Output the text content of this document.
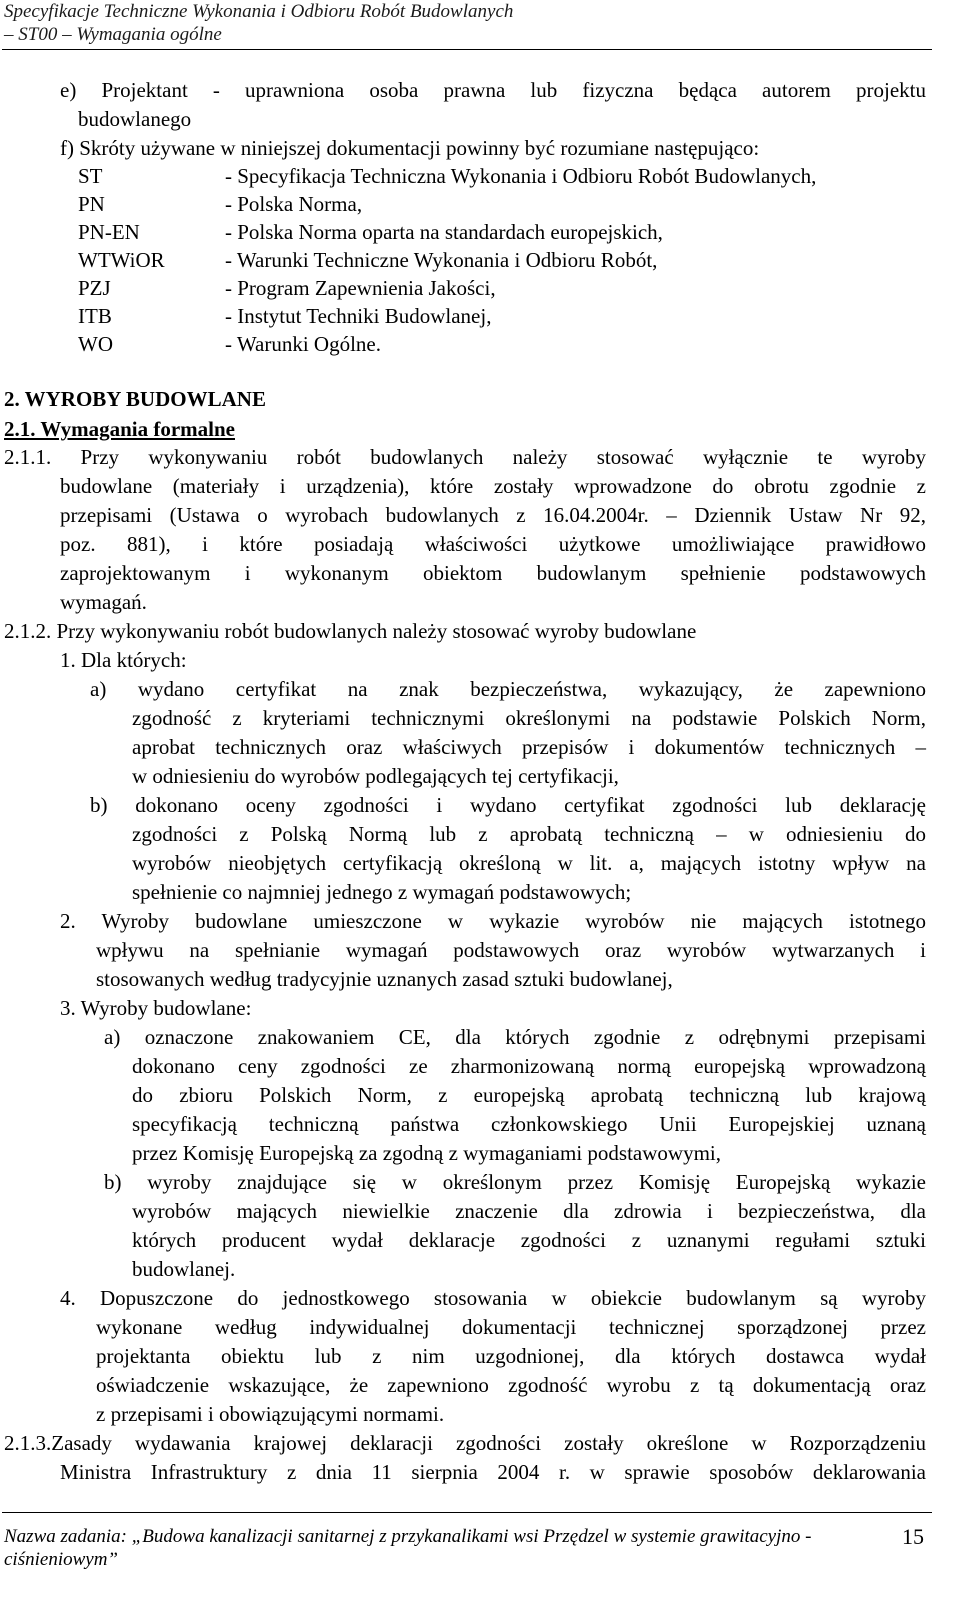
Specyfikacje Techniczne Wykonania i Odbioru Robót Budowlanych
– ST00 – Wymagania ogólne
e) Projektant - uprawniona osoba prawna lub fizyczna będąca autorem projektu
budowlanego
f) Skróty używane w niniejszej dokumentacji powinny być rozumiane następująco:
ST	- Specyfikacja Techniczna Wykonania i Odbioru Robót Budowlanych,
PN	- Polska Norma,
PN-EN	- Polska Norma oparta na standardach europejskich,
WTWiOR	- Warunki Techniczne Wykonania i Odbioru Robót,
PZJ	- Program Zapewnienia Jakości,
ITB	- Instytut Techniki Budowlanej,
WO	- Warunki Ogólne.
2. WYROBY BUDOWLANE
2.1. Wymagania formalne
2.1.1. Przy wykonywaniu robót budowlanych należy stosować wyłącznie te wyroby
budowlane (materiały i urządzenia), które zostały wprowadzone do obrotu zgodnie z
przepisami (Ustawa o wyrobach budowlanych z 16.04.2004r. – Dziennik Ustaw Nr 92,
poz. 881), i które posiadają właściwości użytkowe umożliwiające prawidłowo
zaprojektowanym i wykonanym obiektom budowlanym spełnienie podstawowych
wymagań.
2.1.2. Przy wykonywaniu robót budowlanych należy stosować wyroby budowlane
1. Dla których:
a) wydano certyfikat na znak bezpieczeństwa, wykazujący, że zapewniono
zgodność z kryteriami technicznymi określonymi na podstawie Polskich Norm,
aprobat technicznych oraz właściwych przepisów i dokumentów technicznych –
w odniesieniu do wyrobów podlegających tej certyfikacji,
b) dokonano oceny zgodności i wydano certyfikat zgodności lub deklarację
zgodności z Polską Normą lub z aprobatą techniczną – w odniesieniu do
wyrobów nieobjętych certyfikacją określoną w lit. a, mających istotny wpływ na
spełnienie co najmniej jednego z wymagań podstawowych;
2. Wyroby budowlane umieszczone w wykazie wyrobów nie mających istotnego
wpływu na spełnianie wymagań podstawowych oraz wyrobów wytwarzanych i
stosowanych według tradycyjnie uznanych zasad sztuki budowlanej,
3. Wyroby budowlane:
a) oznaczone znakowaniem CE, dla których zgodnie z odrębnymi przepisami
dokonano ceny zgodności ze zharmonizowaną normą europejską wprowadzoną
do zbioru Polskich Norm, z europejską aprobatą techniczną lub krajową
specyfikacją techniczną państwa członkowskiego Unii Europejskiej uznaną
przez Komisję Europejską za zgodną z wymaganiami podstawowymi,
b) wyroby znajdujące się w określonym przez Komisję Europejską wykazie
wyrobów mających niewielkie znaczenie dla zdrowia i bezpieczeństwa, dla
których producent wydał deklaracje zgodności z uznanymi regułami sztuki
budowlanej.
4. Dopuszczone do jednostkowego stosowania w obiekcie budowlanym są wyroby
wykonane według indywidualnej dokumentacji technicznej sporządzonej przez
projektanta obiektu lub z nim uzgodnionej, dla których dostawca wydał
oświadczenie wskazujące, że zapewniono zgodność wyrobu z tą dokumentacją oraz
z przepisami i obowiązującymi normami.
2.1.3.Zasady wydawania krajowej deklaracji zgodności zostały określone w Rozporządzeniu
Ministra Infrastruktury z dnia 11 sierpnia 2004 r. w sprawie sposobów deklarowania
Nazwa zadania: „Budowa kanalizacji sanitarnej z przykanalikami wsi Przędzel w systemie grawitacyjno -
ciśnieniowym”
15
